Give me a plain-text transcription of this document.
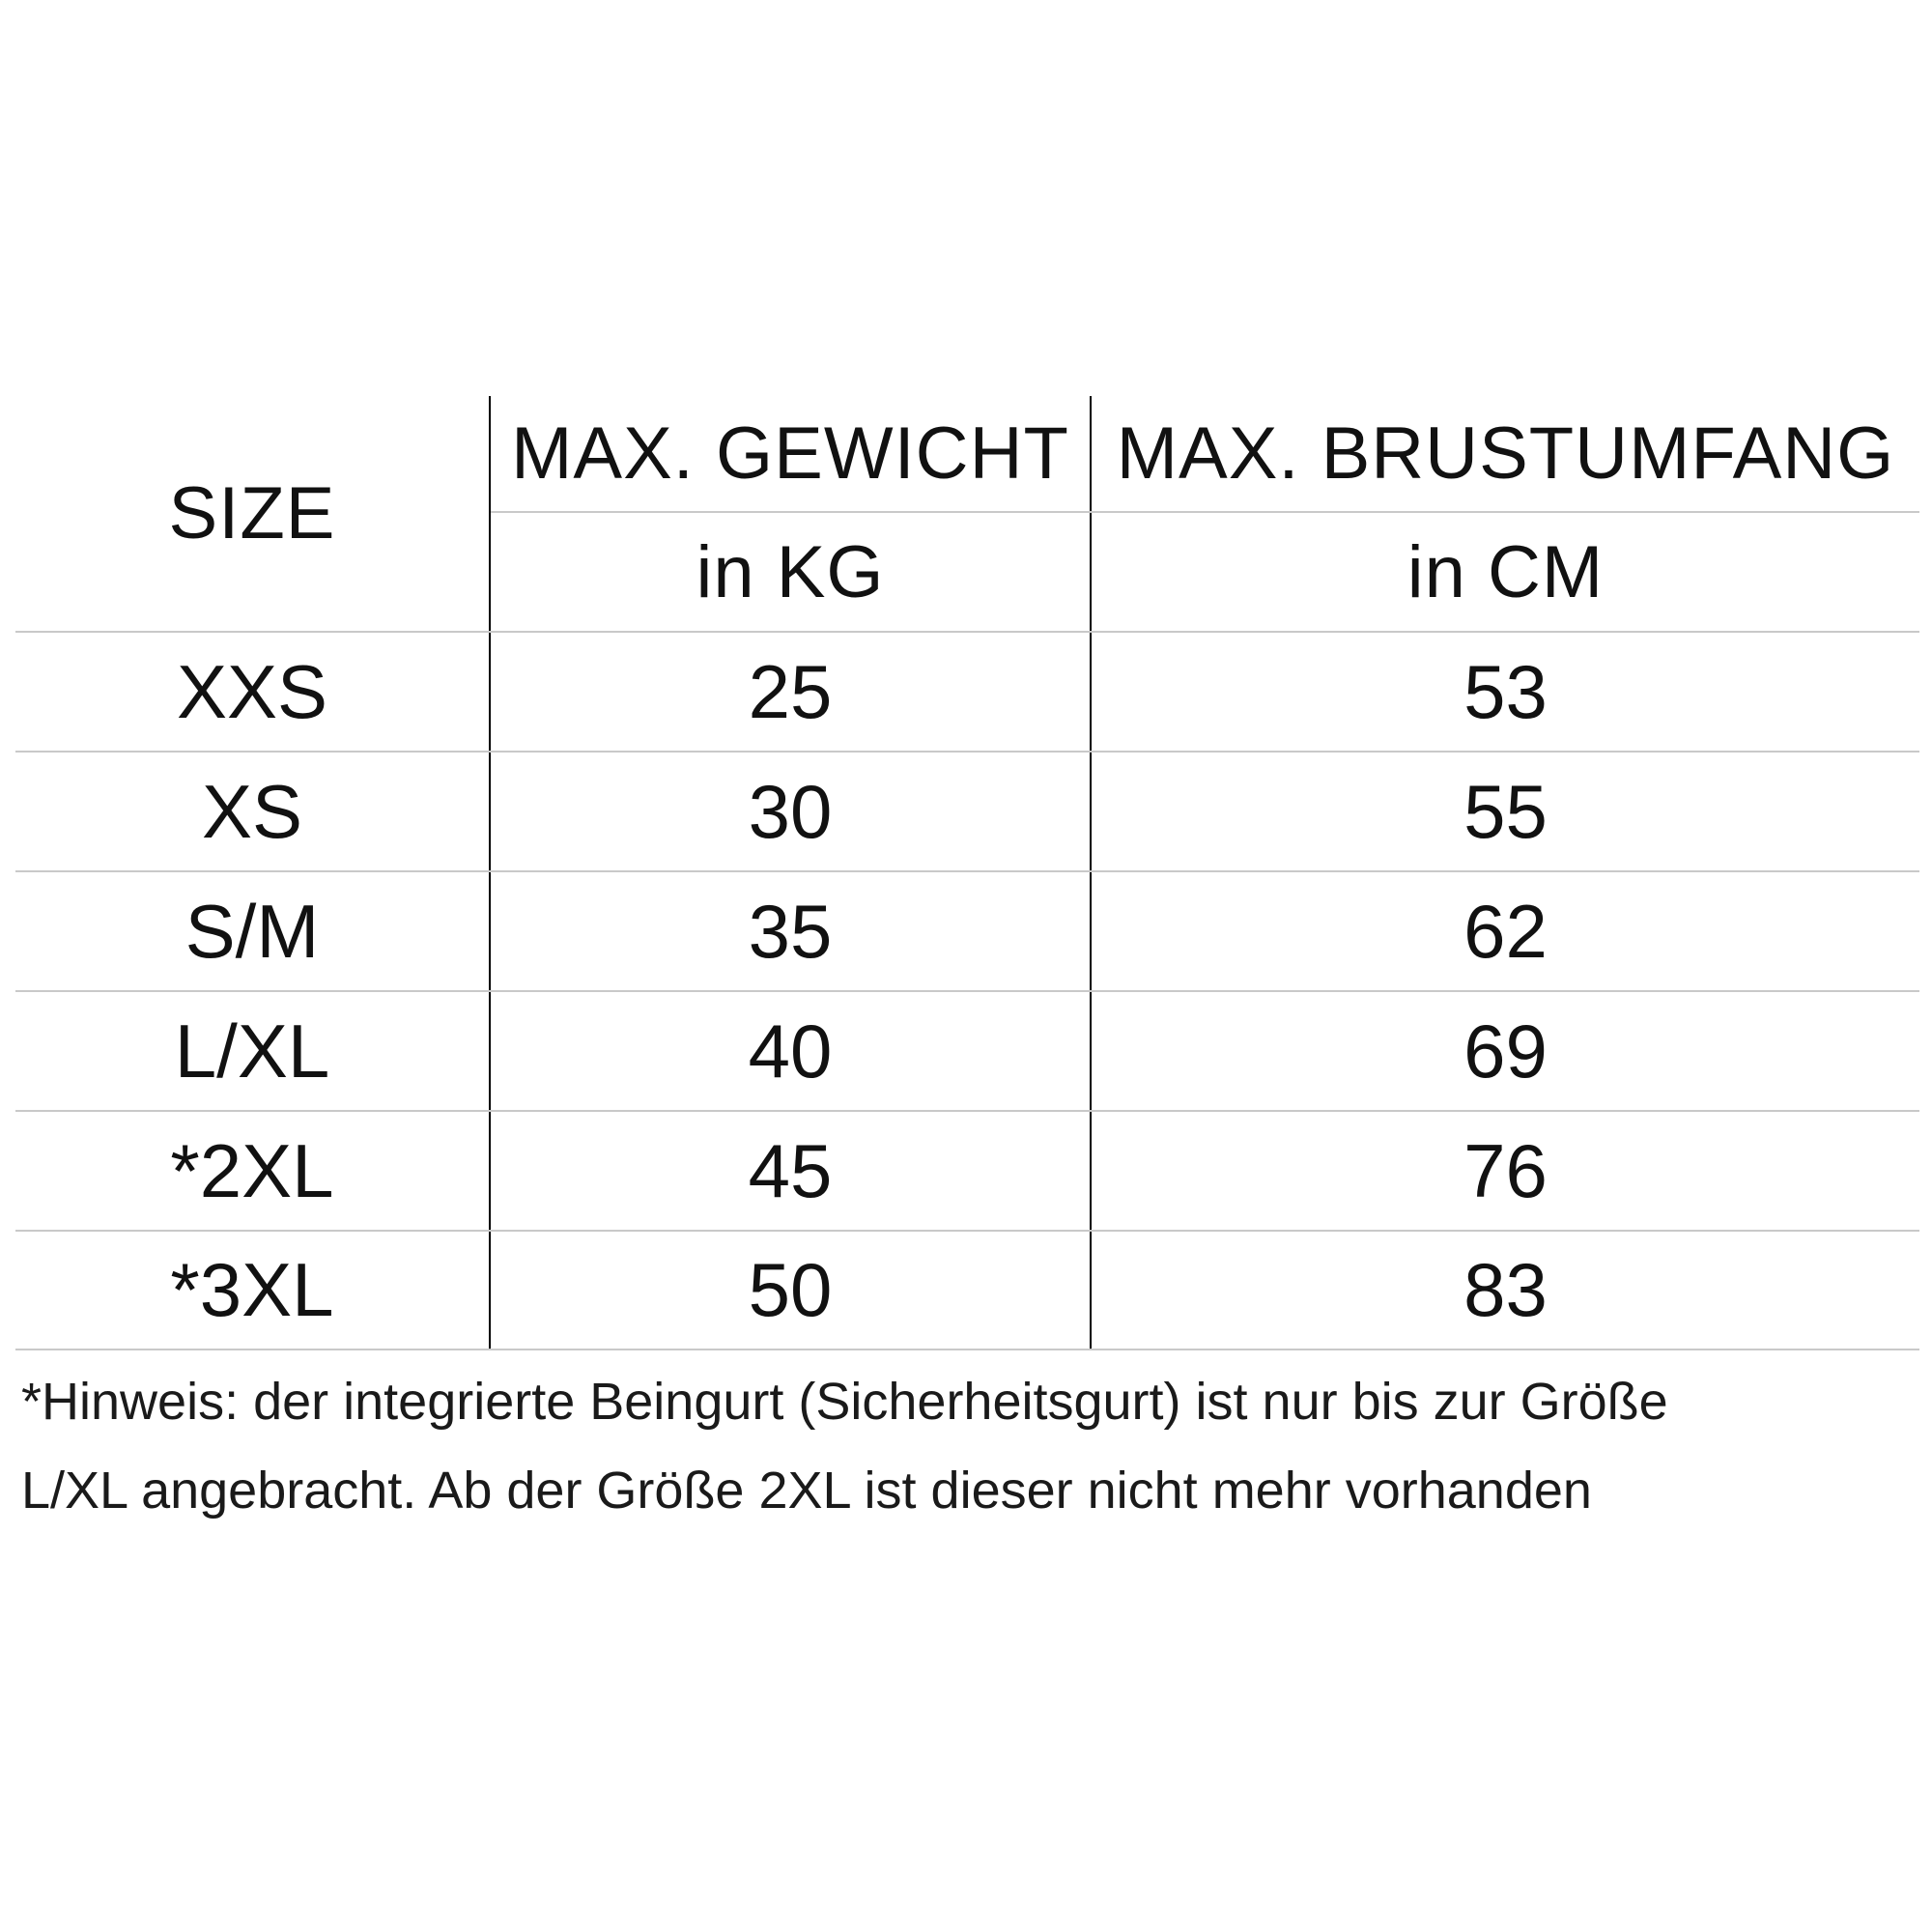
SIZE
MAX. GEWICHT
in KG
MAX. BRUSTUMFANG
in CM
XXS	25	53
XS	30	55
S/M	35	62
L/XL	40	69
*2XL	45	76
*3XL	50	83
*Hinweis: der integrierte Beingurt (Sicherheitsgurt) ist nur bis zur Größe
L/XL angebracht. Ab der Größe 2XL ist dieser nicht mehr vorhanden
